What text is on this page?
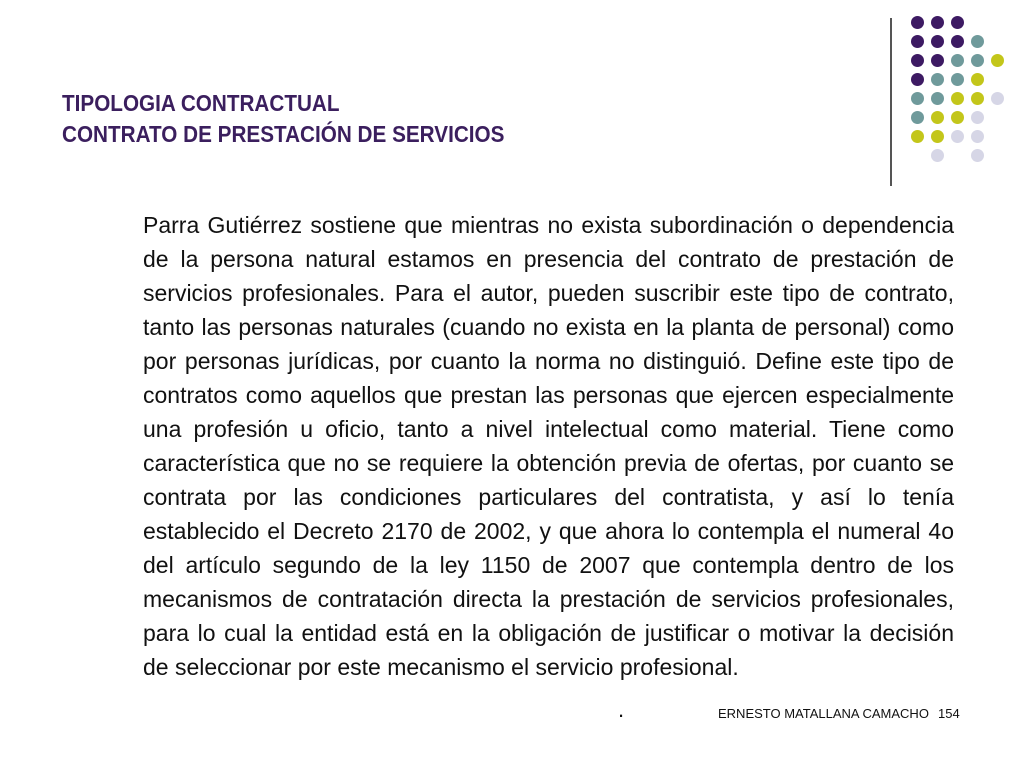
TIPOLOGIA CONTRACTUAL
CONTRATO DE PRESTACIÓN DE SERVICIOS
Parra Gutiérrez sostiene que mientras no exista subordinación o dependencia de la persona natural estamos en presencia del contrato de prestación de servicios profesionales. Para el autor, pueden suscribir este tipo de contrato, tanto las personas naturales (cuando no exista en la planta de personal) como por personas jurídicas, por cuanto la norma no distinguió. Define este tipo de contratos como aquellos que prestan las personas que ejercen especialmente una profesión u oficio, tanto a nivel intelectual como material. Tiene como característica que no se requiere la obtención previa de ofertas, por cuanto se contrata por las condiciones particulares del contratista, y así lo tenía establecido el Decreto 2170 de 2002, y que ahora lo contempla el numeral 4o del artículo segundo de la ley 1150 de 2007 que contempla dentro de los mecanismos de contratación directa la prestación de servicios profesionales, para lo cual la entidad está en la obligación de justificar o motivar la decisión de seleccionar por este mecanismo el servicio profesional.
.	ERNESTO MATALLANA CAMACHO 154
